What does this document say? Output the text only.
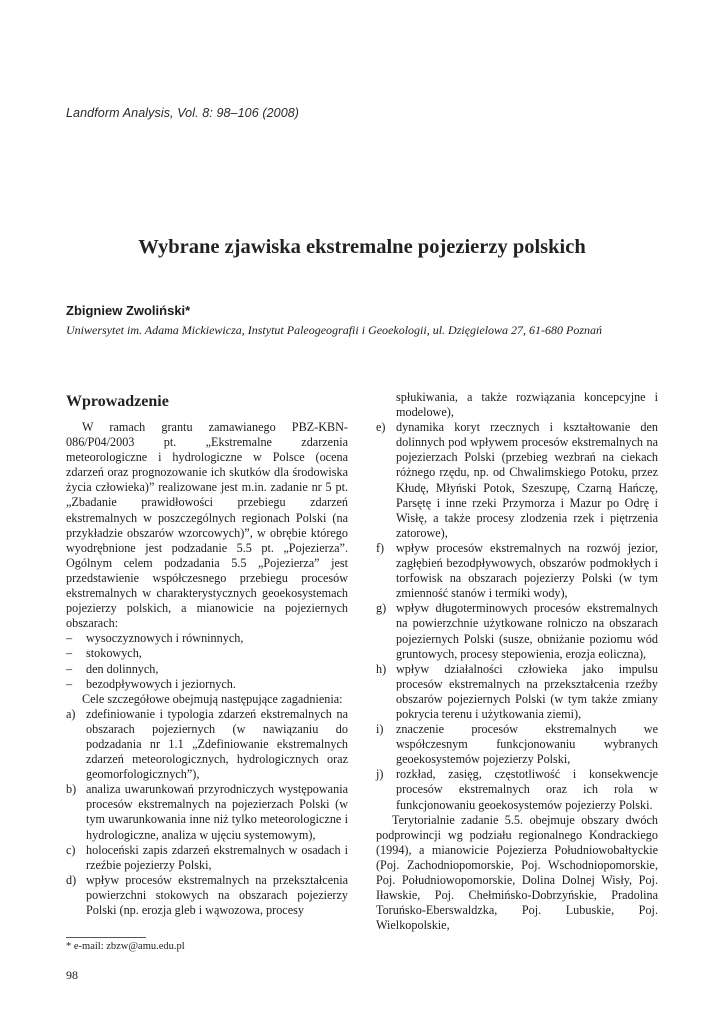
Landform Analysis, Vol. 8: 98–106 (2008)
Wybrane zjawiska ekstremalne pojezierzy polskich
Zbigniew Zwoliński*
Uniwersytet im. Adama Mickiewicza, Instytut Paleogeografii i Geoekologii, ul. Dzięgielowa 27, 61-680 Poznań
Wprowadzenie

W ramach grantu zamawianego PBZ-KBN-086/P04/2003 pt. „Ekstremalne zdarzenia meteorologiczne i hydrologiczne w Polsce (ocena zdarzeń oraz prognozowanie ich skutków dla środowiska życia człowieka)” realizowane jest m.in. zadanie nr 5 pt. „Zbadanie prawidłowości przebiegu zdarzeń ekstremalnych w poszczególnych regionach Polski (na przykładzie obszarów wzorcowych)”, w obrębie którego wyodrębnione jest podzadanie 5.5 pt. „Pojezierza”. Ogólnym celem podzadania 5.5 „Pojezierza” jest przedstawienie współczesnego przebiegu procesów ekstremalnych w charakterystycznych geoekosystemach pojezierzy polskich, a mianowicie na pojeziernych obszarach:

–	wysoczyznowych i równinnych,
–	stokowych,
–	den dolinnych,
–	bezodpływowych i jeziornych.

Cele szczegółowe obejmują następujące zagadnienia:

a) zdefiniowanie i typologia zdarzeń ekstremalnych na obszarach pojeziernych (w nawiązaniu do podzadania nr 1.1 „Zdefiniowanie ekstremalnych zdarzeń meteorologicznych, hydrologicznych oraz geomorfologicznych”),
b) analiza uwarunkowań przyrodniczych występowania procesów ekstremalnych na pojezierzach Polski (w tym uwarunkowania inne niż tylko meteorologiczne i hydrologiczne, analiza w ujęciu systemowym),
c) holoceński zapis zdarzeń ekstremalnych w osadach i rzeźbie pojezierzy Polski,
d) wpływ procesów ekstremalnych na przekształcenia powierzchni stokowych na obszarach pojezierzy Polski (np. erozja gleb i wąwozowa, procesy
spłukiwania, a także rozwiązania koncepcyjne i modelowe),
e) dynamika koryt rzecznych i kształtowanie den dolinnych pod wpływem procesów ekstremalnych na pojezierzach Polski (przebieg wezbrań na ciekach różnego rzędu, np. od Chwalimskiego Potoku, przez Kłudę, Młyński Potok, Szeszupę, Czarną Hańczę, Parsętę i inne rzeki Przymorza i Mazur po Odrę i Wisłę, a także procesy zlodzenia rzek i piętrzenia zatorowe),
f) wpływ procesów ekstremalnych na rozwój jezior, zagłębień bezodpływowych, obszarów podmokłych i torfowisk na obszarach pojezierzy Polski (w tym zmienność stanów i termiki wody),
g) wpływ długoterminowych procesów ekstremalnych na powierzchnie użytkowane rolniczo na obszarach pojeziernych Polski (susze, obniżanie poziomu wód gruntowych, procesy stepowienia, erozja eoliczna),
h) wpływ działalności człowieka jako impulsu procesów ekstremalnych na przekształcenia rzeźby obszarów pojeziernych Polski (w tym także zmiany pokrycia terenu i użytkowania ziemi),
i)	znaczenie procesów ekstremalnych we współczesnym funkcjonowaniu wybranych geoekosystemów pojezierzy Polski,
j)	rozkład, zasięg, częstotliwość i konsekwencje procesów ekstremalnych oraz ich rola w funkcjonowaniu geoekosystemów pojezierzy Polski.

Terytorialnie zadanie 5.5. obejmuje obszary dwóch podprowincji wg podziału regionalnego Kondrackiego (1994), a mianowicie Pojezierza Południowobałtyckie (Poj. Zachodniopomorskie, Poj. Wschodniopomorskie, Poj. Południowopomorskie, Dolina Dolnej Wisły, Poj. Iławskie, Poj. Chełmińsko-Dobrzyńskie, Pradolina Toruńsko-Eberswaldzka, Poj. Lubuskie, Poj. Wielkopolskie,

* e-mail: zbzw@amu.edu.pl
98
